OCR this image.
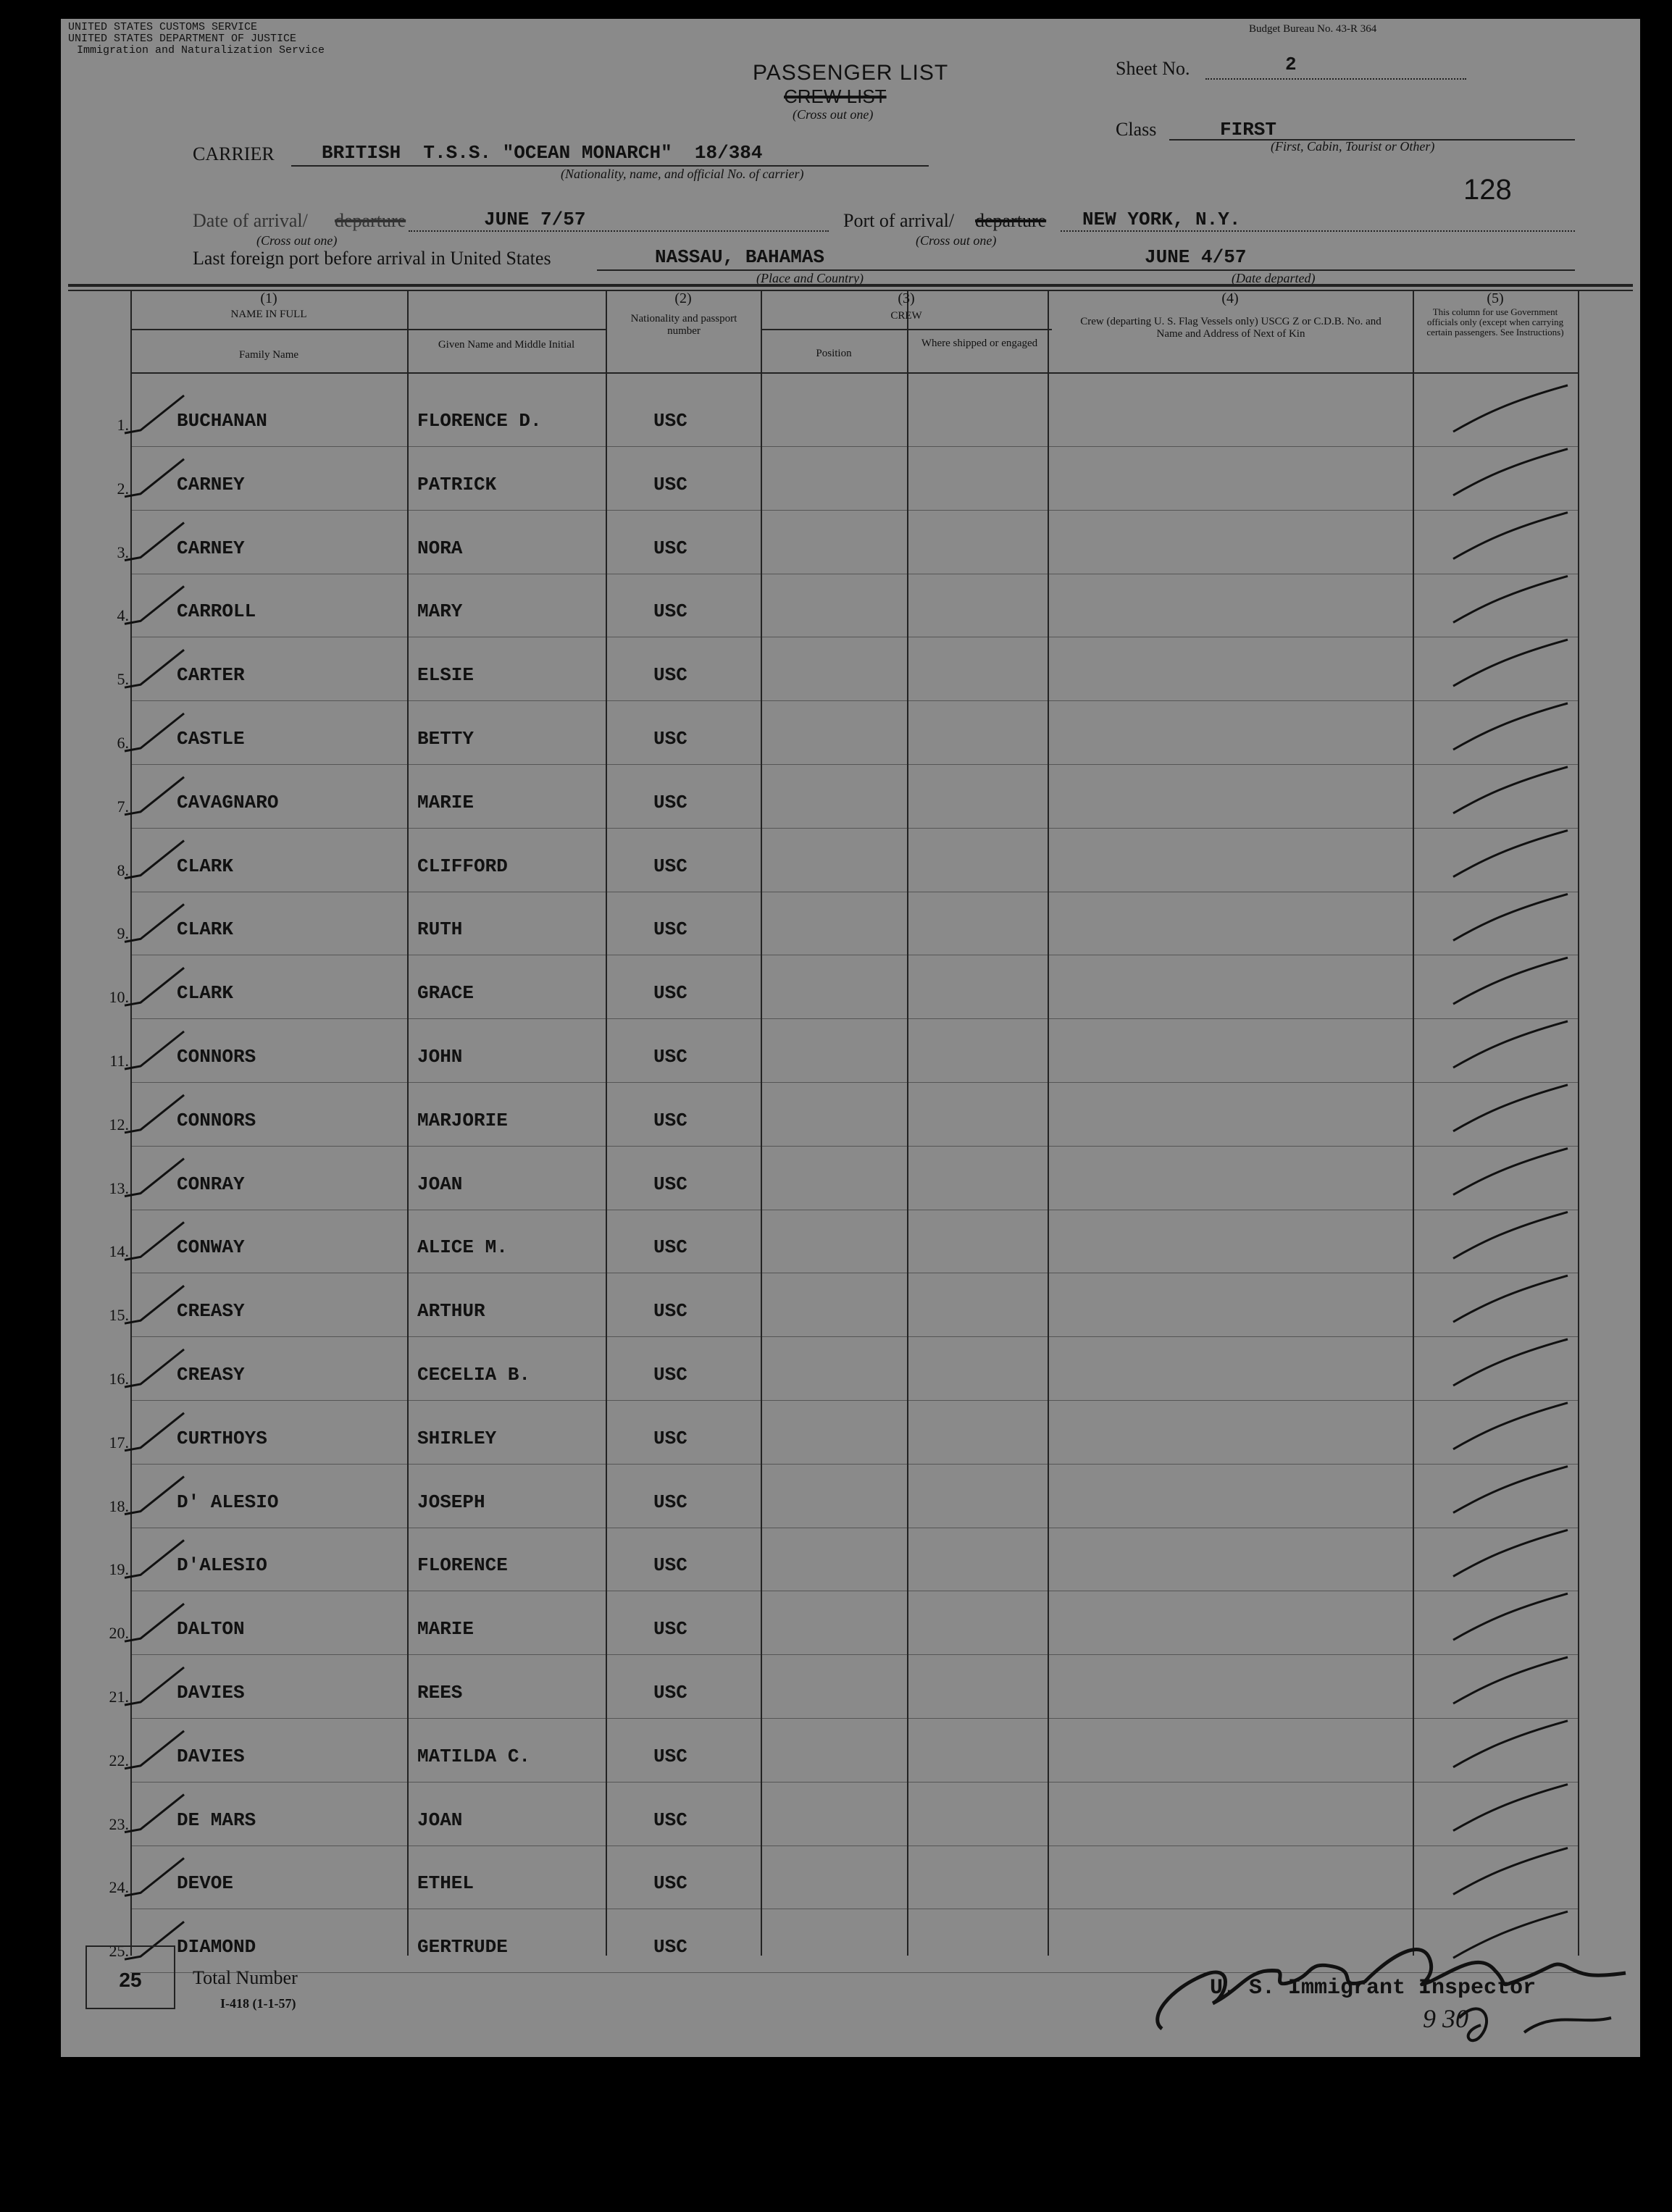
UNITED STATES CUSTOMS SERVICE
UNITED STATES DEPARTMENT OF JUSTICE
Immigration and Naturalization Service
Budget Bureau No. 43-R 364
PASSENGER LIST
CREW LIST
(Cross out one)
Sheet No.	2
Class	FIRST
(First, Cabin, Tourist or Other)
128
CARRIER	BRITISH  T.S.S. "OCEAN MONARCH"  18/384
(Nationality, name, and official No. of carrier)
Date of arrival/ departure
(Cross out one)
JUNE 7/57	Port of arrival/ departure
(Cross out one)
NEW YORK, N.Y.
Last foreign port before arrival in United States	NASSAU, BAHAMAS
(Place and Country)
JUNE 4/57
(Date departed)
(1)
NAME IN FULL
Family Name
Given Name and Middle Initial
(2)
Nationality and passport number
(3)
CREW
Position
Where shipped or engaged
(4)
Crew (departing U. S. Flag Vessels only) USCG Z or C.D.B. No. and Name and Address of Next of Kin
(5)
This column for use Government officials only (except when carrying certain passengers. See Instructions)
1.	BUCHANAN	FLORENCE D.	USC
2.	CARNEY	PATRICK	USC
3.	CARNEY	NORA	USC
4.	CARROLL	MARY	USC
5.	CARTER	ELSIE	USC
6.	CASTLE	BETTY	USC
7.	CAVAGNARO	MARIE	USC
8.	CLARK	CLIFFORD	USC
9.	CLARK	RUTH	USC
10.	CLARK	GRACE	USC
11.	CONNORS	JOHN	USC
12.	CONNORS	MARJORIE	USC
13.	CONRAY	JOAN	USC
14.	CONWAY	ALICE M.	USC
15.	CREASY	ARTHUR	USC
16.	CREASY	CECELIA B.	USC
17.	CURTHOYS	SHIRLEY	USC
18.	D' ALESIO	JOSEPH	USC
19.	D'ALESIO	FLORENCE	USC
20.	DALTON	MARIE	USC
21.	DAVIES	REES	USC
22.	DAVIES	MATILDA C.	USC
23.	DE MARS	JOAN	USC
24.	DEVOE	ETHEL	USC
25.	DIAMOND	GERTRUDE	USC
25	Total Number
I-418 (1-1-57)
U. S. Immigrant Inspector
9 30
